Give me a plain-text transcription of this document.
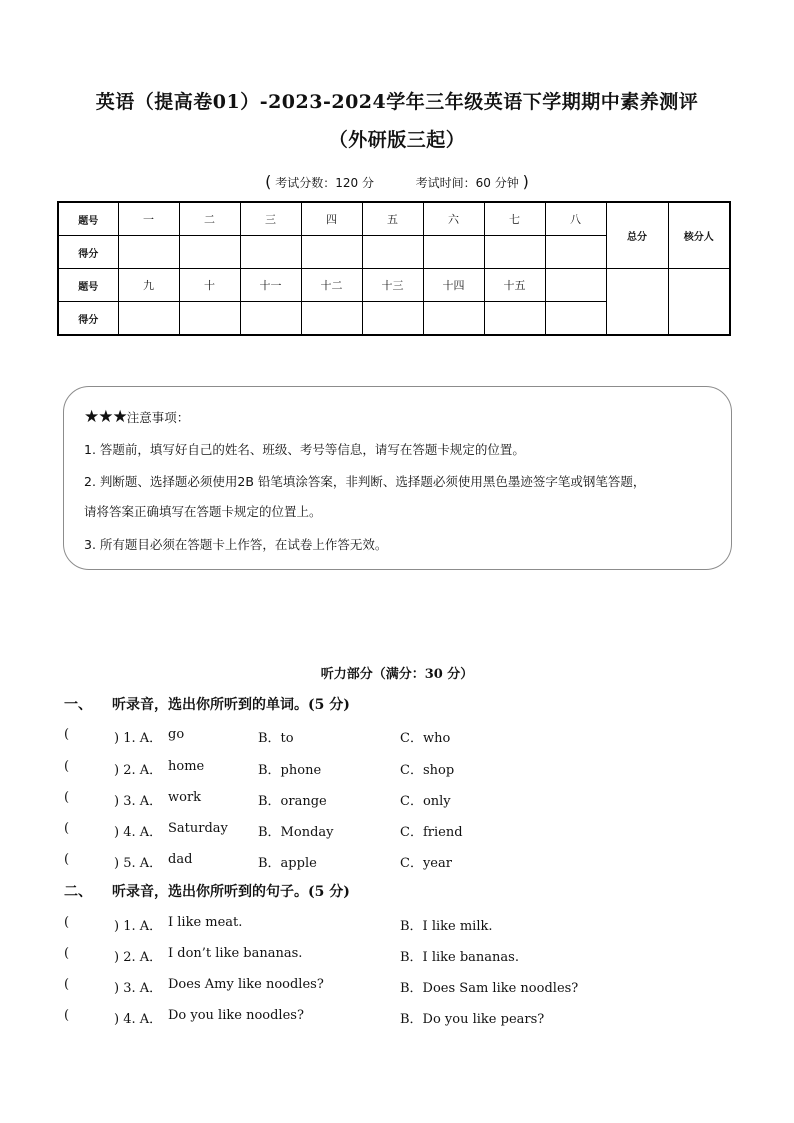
英语（提高卷01）-2023-2024学年三年级英语下学期期中素养测评
（外研版三起）
( 考试分数：120 分	考试时间：60 分钟 )
题号	一	二	三	四	五	六	七	八	总分	核分人
得分										
题号	九	十	十一	十二	十三	十四	十五			
得分										
★★★注意事项：

1. 答题前，填写好自己的姓名、班级、考号等信息，请写在答题卡规定的位置。

2. 判断题、选择题必须使用2B 铅笔填涂答案，非判断、选择题必须使用黑色墨迹签字笔或钢笔答题，

请将答案正确填写在答题卡规定的位置上。

3. 所有题目必须在答题卡上作答，在试卷上作答无效。

听力部分（满分：30 分）
一、 听录音，选出你所听到的单词。(5 分)
(	) 1. A． go	B．to	C．who
(	) 2. A． home	B．phone	C．shop
(	) 3. A． work	B．orange	C．only
(	) 4. A． Saturday B．Monday	C．friend
(	) 5. A． dad	B．apple	C．year
二、 听录音，选出你所听到的句子。(5 分)
(	) 1. A． I like meat.	B．I like milk.
(	) 2. A． I don’t like bananas.	B．I like bananas.
(	) 3. A． Does Amy like noodles?	B．Does Sam like noodles?
(	) 4. A． Do you like noodles?	B．Do you like pears?
